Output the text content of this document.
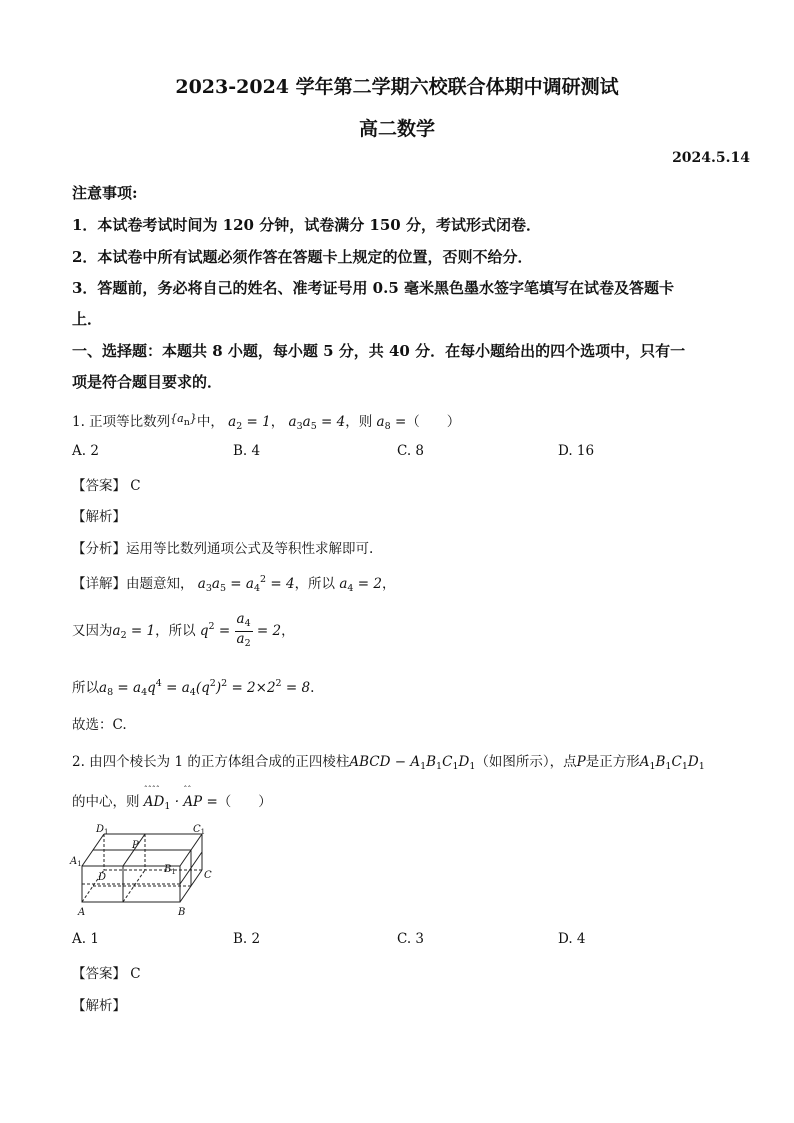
2023-2024 学年第二学期六校联合体期中调研测试
高二数学
2024.5.14
注意事项:
1．本试卷考试时间为 120 分钟，试卷满分 150 分，考试形式闭卷．
2．本试卷中所有试题必须作答在答题卡上规定的位置，否则不给分．
3．答题前，务必将自己的姓名、准考证号用 0.5 毫米黑色墨水签字笔填写在试卷及答题卡
上．
一、选择题：本题共 8 小题，每小题 5 分，共 40 分．在每小题给出的四个选项中，只有一
项是符合题目要求的．
1. 正项等比数列$^{\{an\}}$中， $a_2 = 1$， $a_3a_5 = 4$，则 $a_8$ =（　　）
A. 2	B. 4	C. 8	D. 16
【答案】 C
【解析】
【分析】运用等比数列通项公式及等积性求解即可.
【详解】由题意知， $a_3a_5 = a_4^2 = 4$，所以 $a_4 = 2$，
又因为$a_2 = 1$，所以 $q^2 = \frac{a_4}{a_2} = 2$，
所以$a_8 = a_4q^4 = a_4(q^2)^2 = 2\times 2^2 = 8$.
故选：C.
2. 由四个棱长为 1 的正方体组合成的正四棱柱ABCD − $A_1B_1C_1D_1$（如图所示），点P是正方形$A_1B_1C_1D_1$
的中心，则
ˆˆˆˆ
$AD_1$ ·
ˆˆ
AP =（　　）
$D_1$	$C_1$
$A_1$
P
D
$B_1$	C
A	B
A. 1	B. 2	C. 3	D. 4
【答案】 C
【解析】
